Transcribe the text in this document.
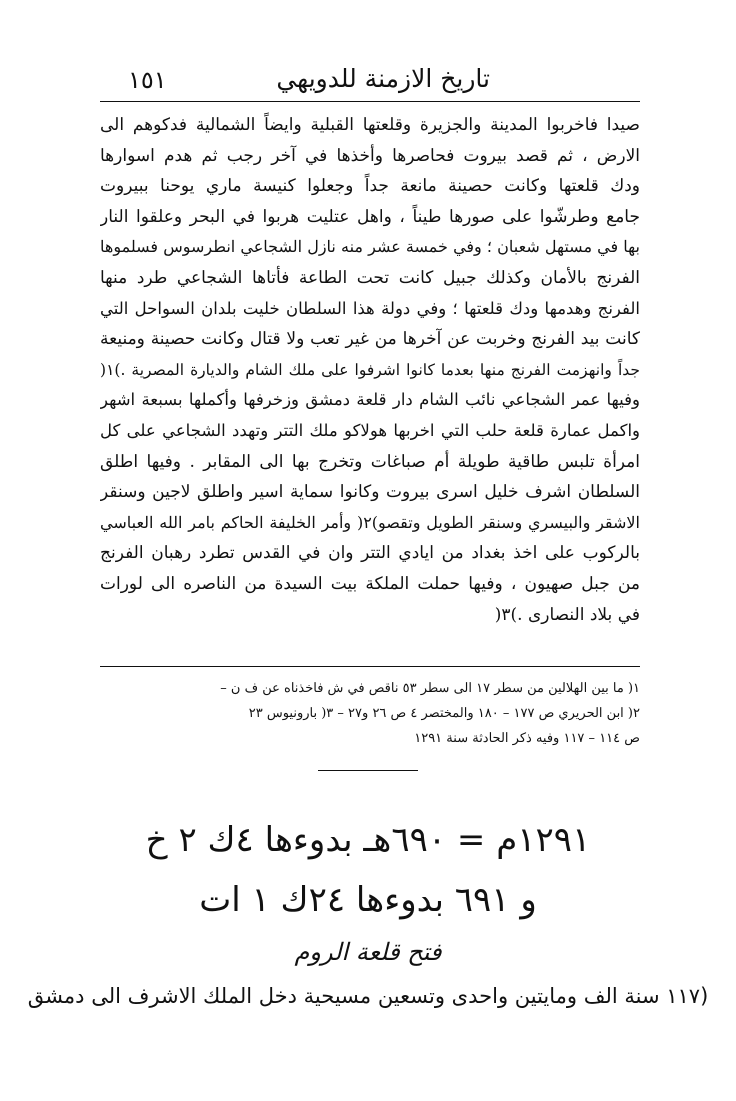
تاريخ الازمنة للدويهي
١٥١
صيدا فاخربوا المدينة والجزيرة وقلعتها القبلية وايضاً الشمالية فدكوهم الى
الارض ، ثم قصد بيروت فحاصرها وأخذها في آخر رجب ثم هدم اسوارها
ودك قلعتها وكانت حصينة مانعة جداً وجعلوا كنيسة ماري يوحنا ببيروت
جامع وطرشّوا على صورها طيناً ، واهل عتليت هربوا في البحر وعلقوا النار
بها في مستهل شعبان ؛ وفي خمسة عشر منه نازل الشجاعي انطرسوس فسلموها
الفرنج بالأمان وكذلك جبيل كانت تحت الطاعة فأتاها الشجاعي طرد منها
الفرنج وهدمها ودك قلعتها ؛ وفي دولة هذا السلطان خليت بلدان السواحل التي
كانت بيد الفرنج وخربت عن آخرها من غير تعب ولا قتال وكانت حصينة ومنيعة
جداً وانهزمت الفرنج منها بعدما كانوا اشرفوا على ملك الشام والديارة المصرية .)١(
وفيها عمر الشجاعي نائب الشام دار قلعة دمشق وزخرفها وأكملها بسبعة اشهر
واكمل عمارة قلعة حلب التي اخربها هولاكو ملك التتر وتهدد الشجاعي على كل
امرأة تلبس طاقية طويلة أم صباغات وتخرج بها الى المقابر . وفيها اطلق
السلطان اشرف خليل اسرى بيروت وكانوا سماية اسير واطلق لاجين وسنقر
الاشقر والبيسري وسنقر الطويل وتقصو)٢( وأمر الخليفة الحاكم بامر الله العباسي
بالركوب على اخذ بغداد من ايادي التتر وان في القدس تطرد رهبان الفرنج
من جبل صهيون ، وفيها حملت الملكة بيت السيدة من الناصره الى لورات
في بلاد النصارى .)٣(
١( ما بين الهلالين من سطر ١٧ الى سطر ٥٣ ناقص في ش فاخذناه عن ف ن –
٢( ابن الحريري ص ١٧٧ – ١٨٠ والمختصر ٤ ص ٢٦ و٢٧ – ٣( بارونيوس ٢٣
ص ١١٤ – ١١٧ وفيه ذكر الحادثة سنة ١٢٩١
١٢٩١م = ٦٩٠هـ بدوءها ٤ك ٢ خ
و ٦٩١ بدوءها ٢٤ك ١ ات
فتح قلعة الروم
(١١٧ سنة الف ومايتين واحدى وتسعين مسيحية دخل الملك الاشرف الى دمشق
